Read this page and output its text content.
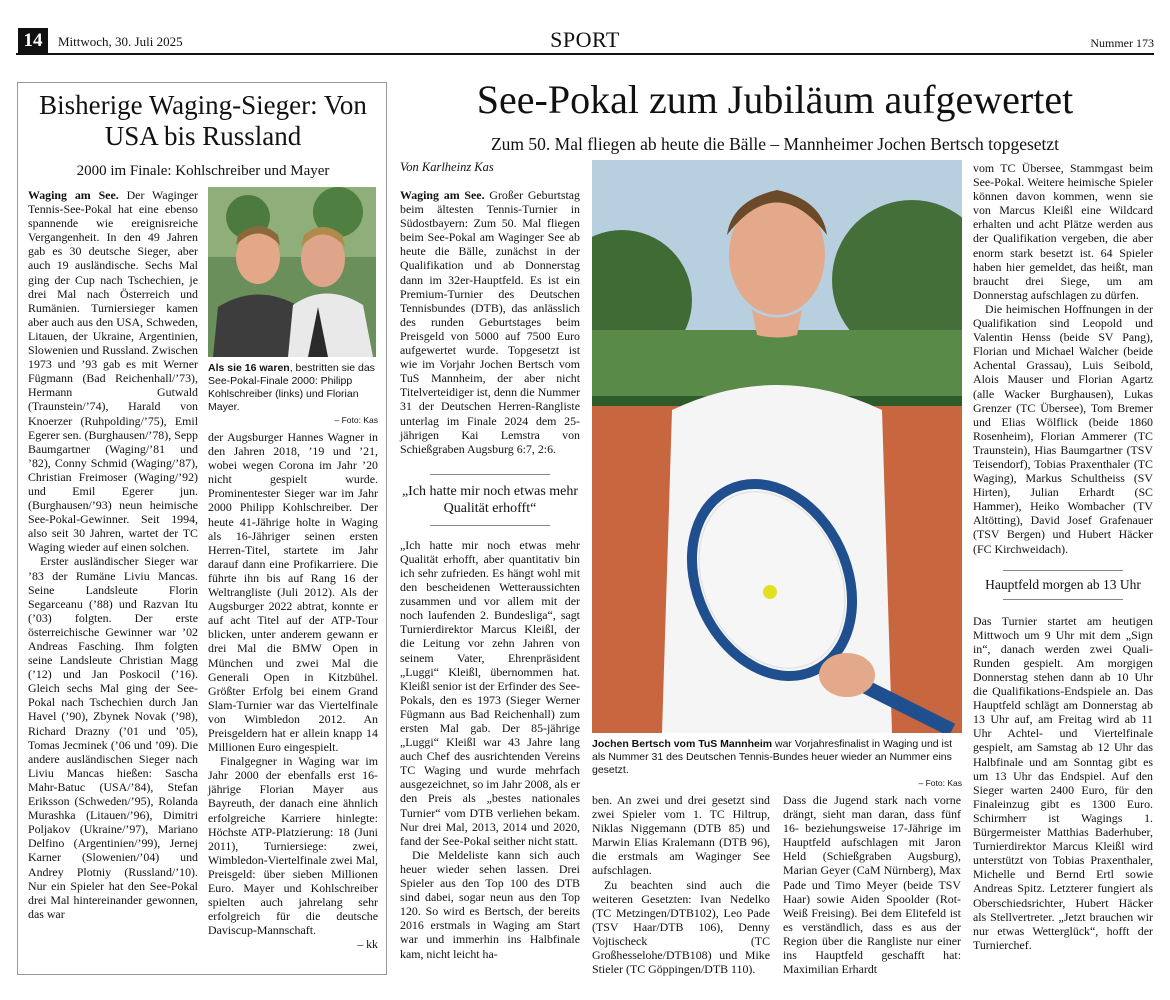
14	Mittwoch, 30. Juli 2025	SPORT	Nummer 173
Bisherige Waging-Sieger: Von USA bis Russland
2000 im Finale: Kohlschreiber und Mayer

Waging am See. Der Waginger Tennis-See-Pokal hat eine ebenso spannende wie ereignisreiche Vergangenheit. In den 49 Jahren gab es 30 deutsche Sieger, aber auch 19 ausländische. Sechs Mal ging der Cup nach Tschechien, je drei Mal nach Österreich und Rumänien. Turniersieger kamen aber auch aus den USA, Schweden, Litauen, der Ukraine, Argentinien, Slowenien und Russland. Zwischen 1973 und ’93 gab es mit Werner Fügmann (Bad Reichenhall/’73), Hermann Gutwald (Traunstein/’74), Harald von Knoerzer (Ruhpolding/’75), Emil Egerer sen. (Burghausen/’78), Sepp Baumgartner (Waging/’81 und ’82), Conny Schmid (Waging/’87), Christian Freimoser (Waging/’92) und Emil Egerer jun. (Burghausen/’93) neun heimische See-Pokal-Gewinner. Seit 1994, also seit 30 Jahren, wartet der TC Waging wieder auf einen solchen.

Erster ausländischer Sieger war ’83 der Rumäne Liviu Mancas. Seine Landsleute Florin Segarceanu (’88) und Razvan Itu (’03) folgten. Der erste österreichische Gewinner war ’02 Andreas Fasching. Ihm folgten seine Landsleute Christian Magg (’12) und Jan Poskocil (’16). Gleich sechs Mal ging der See-Pokal nach Tschechien durch Jan Havel (’90), Zbynek Novak (’98), Richard Drazny (’01 und ’05), Tomas Jecminek (’06 und ’09). Die andere ausländischen Sieger nach Liviu Mancas hießen: Sascha Mahr-Batuc (USA/’84), Stefan Eriksson (Schweden/’95), Rolanda Murashka (Litauen/’96), Dimitri Poljakov (Ukraine/’97), Mariano Delfino (Argentinien/’99), Jernej Karner (Slowenien/’04) und Andrey Plotniy (Russland/’10). Nur ein Spieler hat den See-Pokal drei Mal hintereinander gewonnen, das war

Als sie 16 waren, bestritten sie das See-Pokal-Finale 2000: Philipp Kohlschreiber (links) und Florian Mayer.
– Foto: Kas

der Augsburger Hannes Wagner in den Jahren 2018, ’19 und ’21, wobei wegen Corona im Jahr ’20 nicht gespielt wurde. Prominentester Sieger war im Jahr 2000 Philipp Kohlschreiber. Der heute 41-Jährige holte in Waging als 16-Jähriger seinen ersten Herren-Titel, startete im Jahr darauf dann eine Profikarriere. Die führte ihn bis auf Rang 16 der Weltrangliste (Juli 2012). Als der Augsburger 2022 abtrat, konnte er auf acht Titel auf der ATP-Tour blicken, unter anderem gewann er drei Mal die BMW Open in München und zwei Mal die Generali Open in Kitzbühel. Größter Erfolg bei einem Grand Slam-Turnier war das Viertelfinale von Wimbledon 2012. An Preisgeldern hat er allein knapp 14 Millionen Euro eingespielt.

Finalgegner in Waging war im Jahr 2000 der ebenfalls erst 16-jährige Florian Mayer aus Bayreuth, der danach eine ähnlich erfolgreiche Karriere hinlegte: Höchste ATP-Platzierung: 18 (Juni 2011), Turniersiege: zwei, Wimbledon-Viertelfinale zwei Mal, Preisgeld: über sieben Millionen Euro. Mayer und Kohlschreiber spielten auch jahrelang sehr erfolgreich für die deutsche Daviscup-Mannschaft.

– kk
See-Pokal zum Jubiläum aufgewertet
Zum 50. Mal fliegen ab heute die Bälle – Mannheimer Jochen Bertsch topgesetzt
Von Karlheinz Kas

Waging am See. Großer Geburtstag beim ältesten Tennis-Turnier in Südostbayern: Zum 50. Mal fliegen beim See-Pokal am Waginger See ab heute die Bälle, zunächst in der Qualifikation und ab Donnerstag dann im 32er-Hauptfeld. Es ist ein Premium-Turnier des Deutschen Tennisbundes (DTB), das anlässlich des runden Geburtstages beim Preisgeld von 5000 auf 7500 Euro aufgewertet wurde. Topgesetzt ist wie im Vorjahr Jochen Bertsch vom TuS Mannheim, der aber nicht Titelverteidiger ist, denn die Nummer 31 der Deutschen Herren-Rangliste unterlag im Finale 2024 dem 25-jährigen Kai Lemstra von Schießgraben Augsburg 6:7, 2:6.

„Ich hatte mir noch etwas mehr Qualität erhofft“

„Ich hatte mir noch etwas mehr Qualität erhofft, aber quantitativ bin ich sehr zufrieden. Es hängt wohl mit den bescheidenen Wetteraussichten zusammen und vor allem mit der noch laufenden 2. Bundesliga“, sagt Turnierdirektor Marcus Kleißl, der die Leitung vor zehn Jahren von seinem Vater, Ehrenpräsident „Luggi“ Kleißl, übernommen hat. Kleißl senior ist der Erfinder des See-Pokals, den es 1973 (Sieger Werner Fügmann aus Bad Reichenhall) zum ersten Mal gab. Der 85-jährige „Luggi“ Kleißl war 43 Jahre lang auch Chef des ausrichtenden Vereins TC Waging und wurde mehrfach ausgezeichnet, so im Jahr 2008, als er den Preis als „bestes nationales Turnier“ vom DTB verliehen bekam. Nur drei Mal, 2013, 2014 und 2020, fand der See-Pokal seither nicht statt.

Die Meldeliste kann sich auch heuer wieder sehen lassen. Drei Spieler aus den Top 100 des DTB sind dabei, sogar neun aus den Top 120. So wird es Bertsch, der bereits 2016 erstmals in Waging am Start war und immerhin ins Halbfinale kam, nicht leicht ha-

Jochen Bertsch vom TuS Mannheim war Vorjahresfinalist in Waging und ist als Nummer 31 des Deutschen Tennis-Bundes heuer wieder an Nummer eins gesetzt.
– Foto: Kas

ben. An zwei und drei gesetzt sind zwei Spieler vom 1. TC Hiltrup, Niklas Niggemann (DTB 85) und Marwin Elias Kralemann (DTB 96), die erstmals am Waginger See aufschlagen.

Zu beachten sind auch die weiteren Gesetzten: Ivan Nedelko (TC Metzingen/DTB102), Leo Pade (TSV Haar/DTB 106), Denny Vojtischeck (TC Großhesselohe/DTB108) und Mike Stieler (TC Göppingen/DTB 110).

Dass die Jugend stark nach vorne drängt, sieht man daran, dass fünf 16- beziehungsweise 17-Jährige im Hauptfeld aufschlagen mit Jaron Held (Schießgraben Augsburg), Marian Geyer (CaM Nürnberg), Max Pade und Timo Meyer (beide TSV Haar) sowie Aiden Spoolder (Rot-Weiß Freising). Bei dem Elitefeld ist es verständlich, dass es aus der Region über die Rangliste nur einer ins Hauptfeld geschafft hat: Maximilian Erhardt

vom TC Übersee, Stammgast beim See-Pokal. Weitere heimische Spieler können davon kommen, wenn sie von Marcus Kleißl eine Wildcard erhalten und acht Plätze werden aus der Qualifikation vergeben, die aber enorm stark besetzt ist. 64 Spieler haben hier gemeldet, das heißt, man braucht drei Siege, um am Donnerstag aufschlagen zu dürfen.

Die heimischen Hoffnungen in der Qualifikation sind Leopold und Valentin Henss (beide SV Pang), Florian und Michael Walcher (beide Achental Grassau), Luis Seibold, Alois Mauser und Florian Agartz (alle Wacker Burghausen), Lukas Grenzer (TC Übersee), Tom Bremer und Elias Wölflick (beide 1860 Rosenheim), Florian Ammerer (TC Traunstein), Hias Baumgartner (TSV Teisendorf), Tobias Praxenthaler (TC Waging), Markus Schultheiss (SV Hirten), Julian Erhardt (SC Hammer), Heiko Wombacher (TV Altötting), David Josef Grafenauer (TSV Bergen) und Hubert Häcker (FC Kirchweidach).

Hauptfeld morgen ab 13 Uhr

Das Turnier startet am heutigen Mittwoch um 9 Uhr mit dem „Sign in“, danach werden zwei Quali-Runden gespielt. Am morgigen Donnerstag stehen dann ab 10 Uhr die Qualifikations-Endspiele an. Das Hauptfeld schlägt am Donnerstag ab 13 Uhr auf, am Freitag wird ab 11 Uhr Achtel- und Viertelfinale gespielt, am Samstag ab 12 Uhr das Halbfinale und am Sonntag gibt es um 13 Uhr das Endspiel. Auf den Sieger warten 2400 Euro, für den Finaleinzug gibt es 1300 Euro. Schirmherr ist Wagings 1. Bürgermeister Matthias Baderhuber, Turnierdirektor Marcus Kleißl wird unterstützt von Tobias Praxenthaler, Michelle und Bernd Ertl sowie Andreas Spitz. Letzterer fungiert als Oberschiedsrichter, Hubert Häcker als Stellvertreter. „Jetzt brauchen wir nur etwas Wetterglück“, hofft der Turnierchef.
